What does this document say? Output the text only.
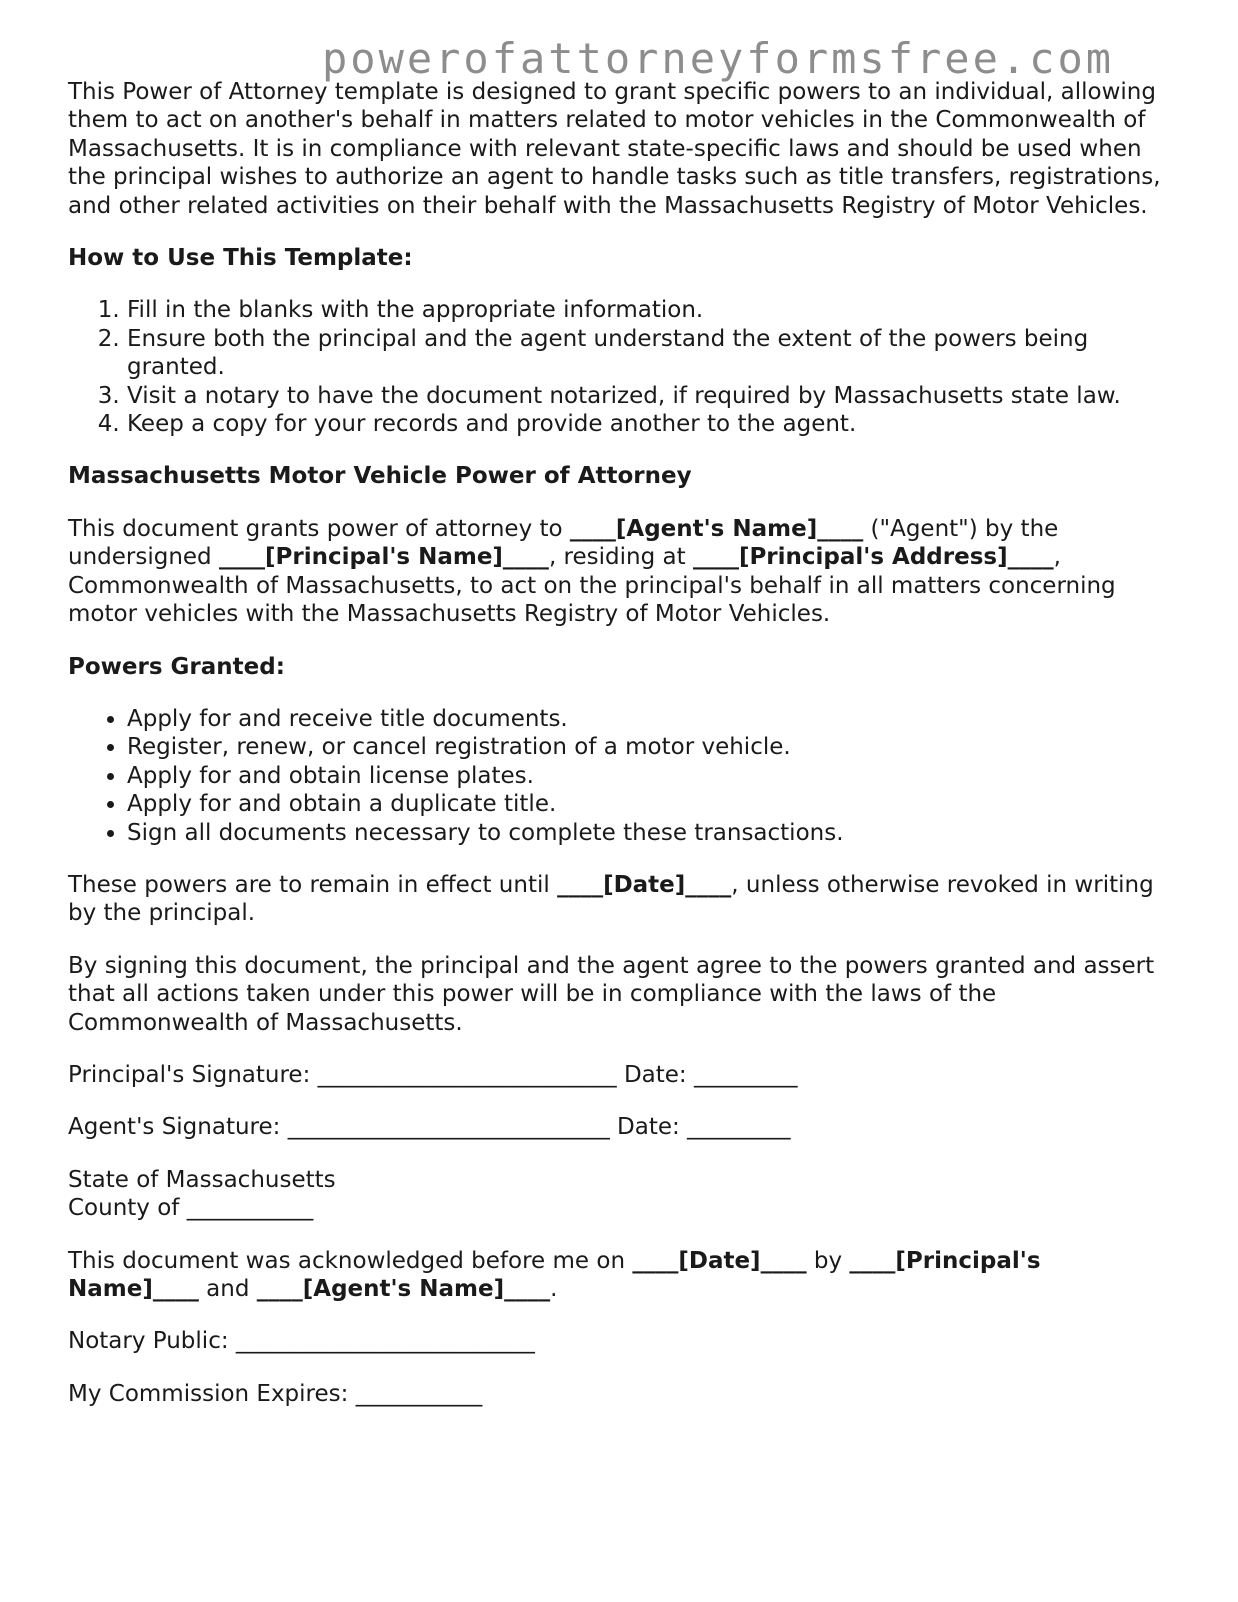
powerofattorneyformsfree.com

This Power of Attorney template is designed to grant specific powers to an individual, allowing them to act on another's behalf in matters related to motor vehicles in the Commonwealth of Massachusetts. It is in compliance with relevant state-specific laws and should be used when the principal wishes to authorize an agent to handle tasks such as title transfers, registrations, and other related activities on their behalf with the Massachusetts Registry of Motor Vehicles.

How to Use This Template:
1. Fill in the blanks with the appropriate information.
2. Ensure both the principal and the agent understand the extent of the powers being granted.
3. Visit a notary to have the document notarized, if required by Massachusetts state law.
4. Keep a copy for your records and provide another to the agent.
Massachusetts Motor Vehicle Power of Attorney

This document grants power of attorney to ____[Agent's Name]____ ("Agent") by the undersigned ____[Principal's Name]____, residing at ____[Principal's Address]____, Commonwealth of Massachusetts, to act on the principal's behalf in all matters concerning motor vehicles with the Massachusetts Registry of Motor Vehicles.

Powers Granted:
• Apply for and receive title documents.
• Register, renew, or cancel registration of a motor vehicle.
• Apply for and obtain license plates.
• Apply for and obtain a duplicate title.
• Sign all documents necessary to complete these transactions.

These powers are to remain in effect until ____[Date]____, unless otherwise revoked in writing by the principal.

By signing this document, the principal and the agent agree to the powers granted and assert that all actions taken under this power will be in compliance with the laws of the Commonwealth of Massachusetts.

Principal's Signature: __________________________ Date: _________

Agent's Signature: ____________________________ Date: _________

State of Massachusetts
County of ___________

This document was acknowledged before me on ____[Date]____ by ____[Principal's Name]____ and ____[Agent's Name]____.

Notary Public: __________________________

My Commission Expires: ___________
